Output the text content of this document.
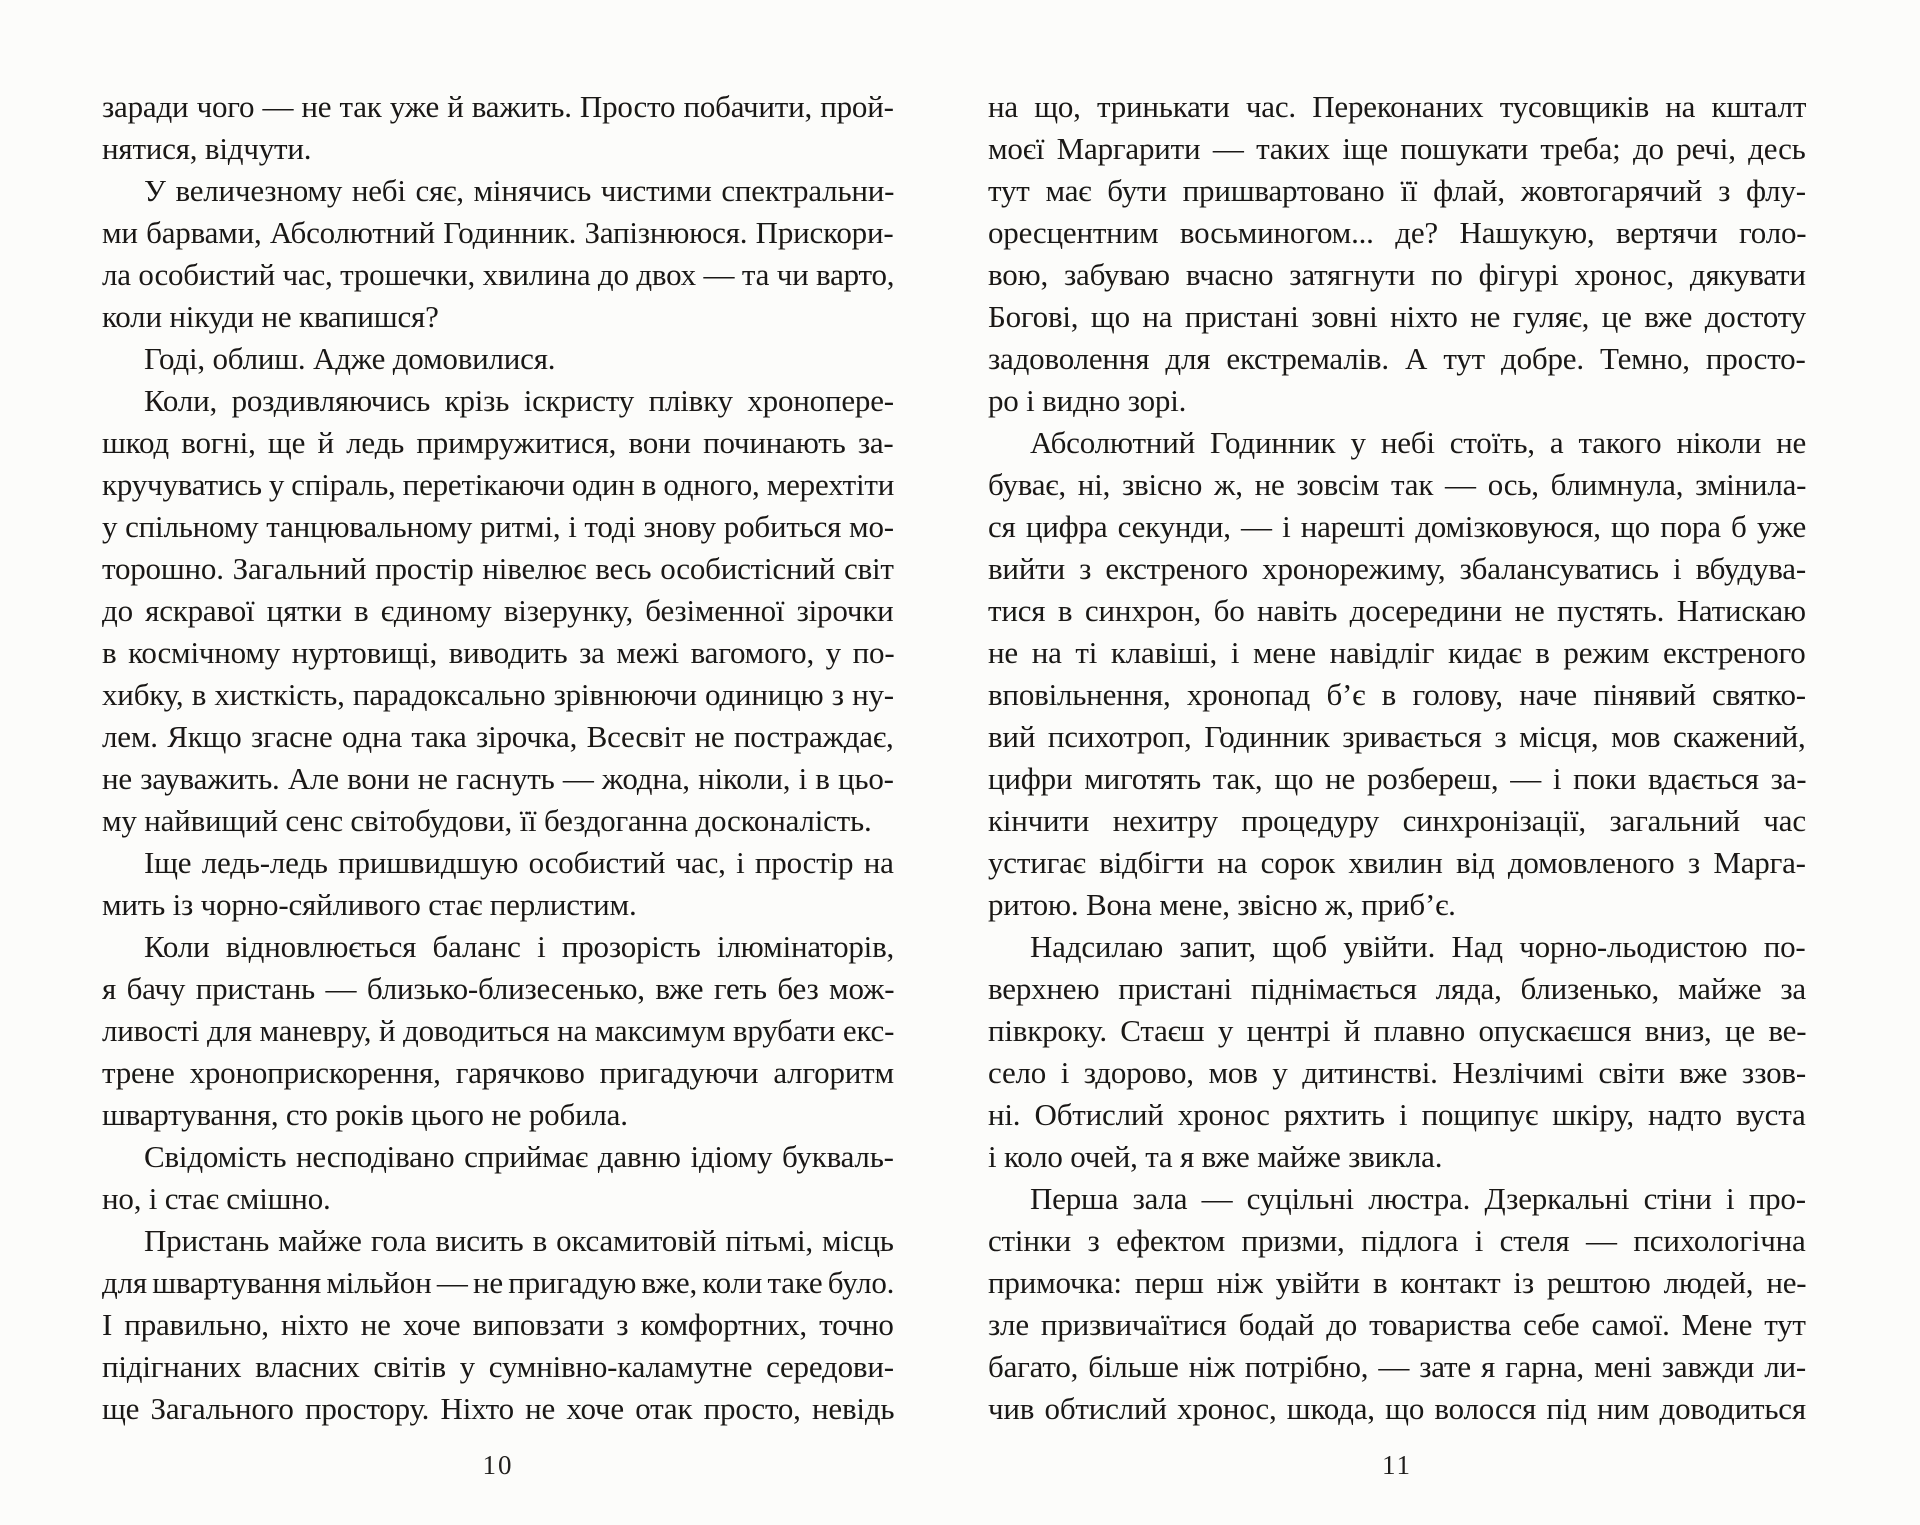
заради чого — не так уже й важить. Просто побачити, прой-
нятися, відчути.
У величезному небі сяє, мінячись чистими спектральни-
ми барвами, Абсолютний Годинник. Запізнююся. Прискори-
ла особистий час, трошечки, хвилина до двох — та чи варто,
коли нікуди не квапишся?
Годі, облиш. Адже домовилися.
Коли, роздивляючись крізь іскристу плівку хронопере-
шкод вогні, ще й ледь примружитися, вони починають за-
кручуватись у спіраль, перетікаючи один в одного, мерехтіти
у спільному танцювальному ритмі, і тоді знову робиться мо-
торошно. Загальний простір нівелює весь особистісний світ
до яскравої цятки в єдиному візерунку, безіменної зірочки
в космічному нуртовищі, виводить за межі вагомого, у по-
хибку, в хисткість, парадоксально зрівнюючи одиницю з ну-
лем. Якщо згасне одна така зірочка, Всесвіт не постраждає,
не зауважить. Але вони не гаснуть — жодна, ніколи, і в цьо-
му найвищий сенс світобудови, її бездоганна досконалість.
Іще ледь-ледь пришвидшую особистий час, і простір на
мить із чорно-сяйливого стає перлистим.
Коли відновлюється баланс і прозорість ілюмінаторів,
я бачу пристань — близько-близесенько, вже геть без мож-
ливості для маневру, й доводиться на максимум врубати екс-
трене хроноприскорення, гарячково пригадуючи алгоритм
швартування, сто років цього не робила.
Свідомість несподівано сприймає давню ідіому букваль-
но, і стає смішно.
Пристань майже гола висить в оксамитовій пітьмі, місць
для швартування мільйон — не пригадую вже, коли таке було.
І правильно, ніхто не хоче виповзати з комфортних, точно
підігнаних власних світів у сумнівно-каламутне середови-
ще Загального простору. Ніхто не хоче отак просто, невідь
10
на що, тринькати час. Переконаних тусовщиків на кшталт
моєї Маргарити — таких іще пошукати треба; до речі, десь
тут має бути пришвартовано її флай, жовтогарячий з флу-
оресцентним восьминогом... де? Нашукую, вертячи голо-
вою, забуваю вчасно затягнути по фігурі хронос, дякувати
Богові, що на пристані зовні ніхто не гуляє, це вже достоту
задоволення для екстремалів. А тут добре. Темно, просто-
ро і видно зорі.
Абсолютний Годинник у небі стоїть, а такого ніколи не
буває, ні, звісно ж, не зовсім так — ось, блимнула, змінила-
ся цифра секунди, — і нарешті домізковуюся, що пора б уже
вийти з екстреного хронорежиму, збалансуватись і вбудува-
тися в синхрон, бо навіть досередини не пустять. Натискаю
не на ті клавіші, і мене навідліг кидає в режим екстреного
вповільнення, хронопад б’є в голову, наче пінявий святко-
вий психотроп, Годинник зривається з місця, мов скажений,
цифри миготять так, що не розбереш, — і поки вдається за-
кінчити нехитру процедуру синхронізації, загальний час
устигає відбігти на сорок хвилин від домовленого з Марга-
ритою. Вона мене, звісно ж, приб’є.
Надсилаю запит, щоб увійти. Над чорно-льодистою по-
верхнею пристані піднімається ляда, близенько, майже за
півкроку. Стаєш у центрі й плавно опускаєшся вниз, це ве-
село і здорово, мов у дитинстві. Незлічимі світи вже ззов-
ні. Обтислий хронос ряхтить і пощипує шкіру, надто вуста
і коло очей, та я вже майже звикла.
Перша зала — суцільні люстра. Дзеркальні стіни і про-
стінки з ефектом призми, підлога і стеля — психологічна
примочка: перш ніж увійти в контакт із рештою людей, не-
зле призвичаїтися бодай до товариства себе самої. Мене тут
багато, більше ніж потрібно, — зате я гарна, мені завжди ли-
чив обтислий хронос, шкода, що волосся під ним доводиться
11
